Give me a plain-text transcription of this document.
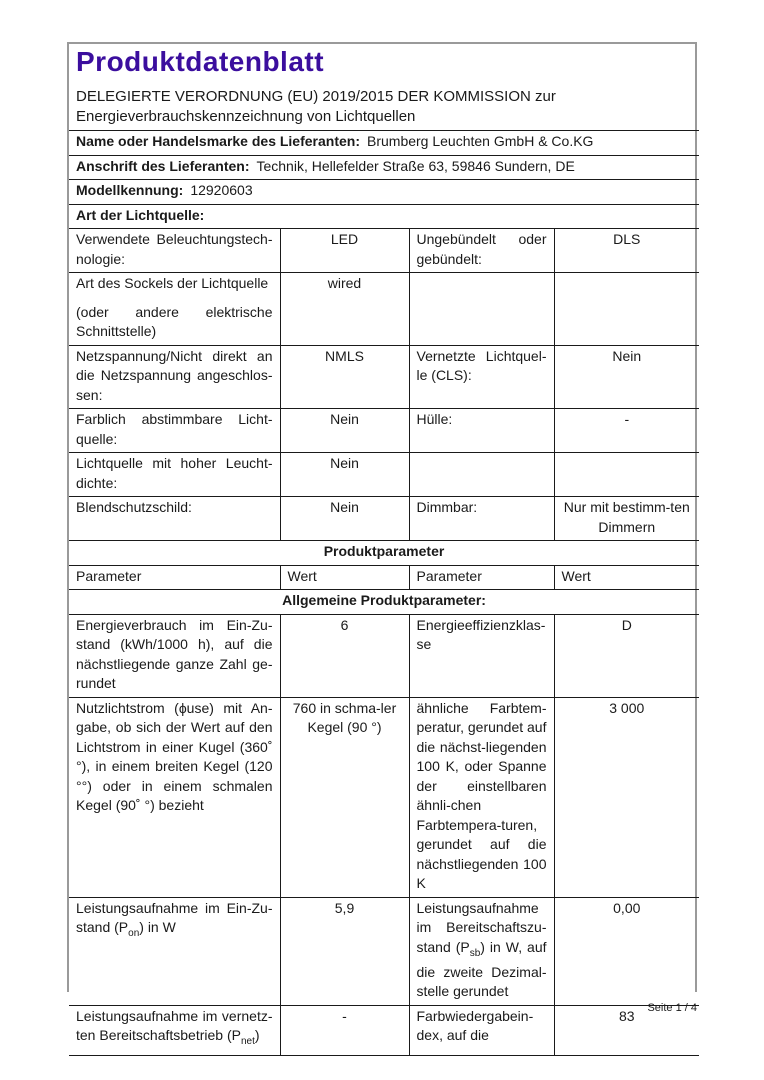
Produktdatenblatt
DELEGIERTE VERORDNUNG (EU) 2019/2015 DER KOMMISSION zur
Energieverbrauchskennzeichnung von Lichtquellen			

Name oder Handelsmarke des Lieferanten: Brumberg Leuchten GmbH & Co.KG			
Anschrift des Lieferanten: Technik, Hellefelder Straße 63, 59846 Sundern, DE			
Modellkennung: 12920603			
Art der Lichtquelle:			
Verwendete Beleuchtungstech-nologie:	LED	Ungebündelt oder gebündelt:	DLS

Art des Sockels der Lichtquelle
(oder andere elektrische Schnittstelle)	wired		
Netzspannung/Nicht direkt an die Netzspannung angeschlos-sen:	NMLS	Vernetzte Lichtquel-le (CLS):	Nein
Farblich abstimmbare Licht-quelle:	Nein	Hülle:	-
Lichtquelle mit hoher Leucht-dichte:	Nein		
Blendschutzschild:	Nein	Dimmbar:	Nur mit bestimm-ten Dimmern
Produktparameter			
Parameter	Wert	Parameter	Wert
Allgemeine Produktparameter:			
Energieverbrauch im Ein-Zu-stand (kWh/1000 h), auf die nächstliegende ganze Zahl ge-rundet	6	Energieeffizienzklas-se	D
Nutzlichtstrom (ϕuse) mit An-gabe, ob sich der Wert auf den Lichtstrom in einer Kugel (360˚ °), in einem breiten Kegel (120 °°) oder in einem schmalen Kegel (90˚ °) bezieht	760 in schma-ler Kegel (90 °)	ähnliche Farbtem-peratur, gerundet auf die nächst-liegenden 100 K, oder Spanne der einstellbaren ähnli-chen Farbtempera-turen, gerundet auf die nächstliegenden 100 K	3 000
Leistungsaufnahme im Ein-Zu-stand $(P_{on})$ in W	5,9	Leistungsaufnahme im Bereitschaftszu-stand $(P_{sb})$ in W, auf die zweite Dezimal-stelle gerundet	0,00
Leistungsaufnahme im vernetz-ten Bereitschaftsbetrieb $(P_{net})$	-	Farbwiedergabein-dex, auf die	83	Seite 1 / 4
